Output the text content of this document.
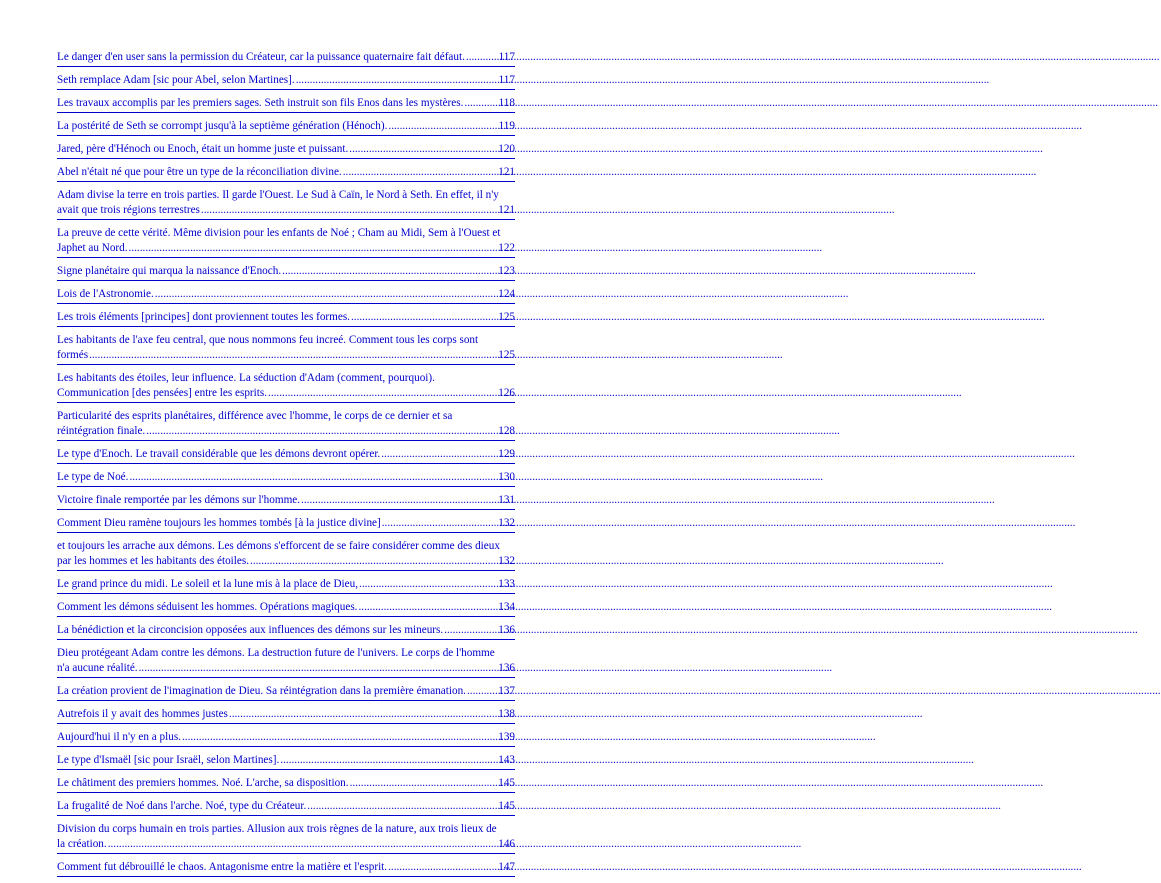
Le danger d'en user sans la permission du Créateur, car la puissance quaternaire fait défaut. .....	117
Seth remplace Adam [sic pour Abel, selon Martines]. .....	117
Les travaux accomplis par les premiers sages. Seth instruit son fils Enos dans les mystères. .....	118
La postérité de Seth se corrompt jusqu'à la septième génération (Hénoch). .....	119
Jared, père d'Hénoch ou Enoch, était un homme juste et puissant. .....	120
Abel n'était né que pour être un type de la réconciliation divine. .....	121
Adam divise la terre en trois parties. Il garde l'Ouest. Le Sud à Caïn, le Nord à Seth. En effet, il n'y
avait que trois régions terrestres .....	121
La preuve de cette vérité. Même division pour les enfants de Noé ; Cham au Midi, Sem à l'Ouest et
Japhet au Nord. .....	122
Signe planétaire qui marqua la naissance d'Enoch. .....	123
Lois de l'Astronomie. .....	124
Les trois éléments [principes] dont proviennent toutes les formes. .....	125
Les habitants de l'axe feu central, que nous nommons feu increé. Comment tous les corps sont
formés .....	125
Les habitants des étoiles, leur influence. La séduction d'Adam (comment, pourquoi).
Communication [des pensées] entre les esprits. .....	126
Particularité des esprits planétaires, différence avec l'homme, le corps de ce dernier et sa
réintégration finale. .....	128
Le type d'Enoch. Le travail considérable que les démons devront opérer. .....	129
Le type de Noé. .....	130
Victoire finale remportée par les démons sur l'homme. .....	131
Comment Dieu ramène toujours les hommes tombés [à la justice divine] .....	132
et toujours les arrache aux démons. Les démons s'efforcent de se faire considérer comme des dieux
par les hommes et les habitants des étoiles. .....	132
Le grand prince du midi. Le soleil et la lune mis à la place de Dieu, .....	133
Comment les démons séduisent les hommes. Opérations magiques. .....	134
La bénédiction et la circoncision opposées aux influences des démons sur les mineurs. .....	136
Dieu protégeant Adam contre les démons. La destruction future de l'univers. Le corps de l'homme
n'a aucune réalité. .....	136
La création provient de l'imagination de Dieu. Sa réintégration dans la première émanation. .....	137
Autrefois il y avait des hommes justes .....	138
Aujourd'hui il n'y en a plus. .....	139
Le type d'Ismaël [sic pour Israël, selon Martines]. .....	143
Le châtiment des premiers hommes. Noé. L'arche, sa disposition. .....	145
La frugalité de Noé dans l'arche. Noé, type du Créateur. .....	145
Division du corps humain en trois parties. Allusion aux trois règnes de la nature, aux trois lieux de
la création. .....	146
Comment fut débrouillé le chaos. Antagonisme entre la matière et l'esprit. .....	147
